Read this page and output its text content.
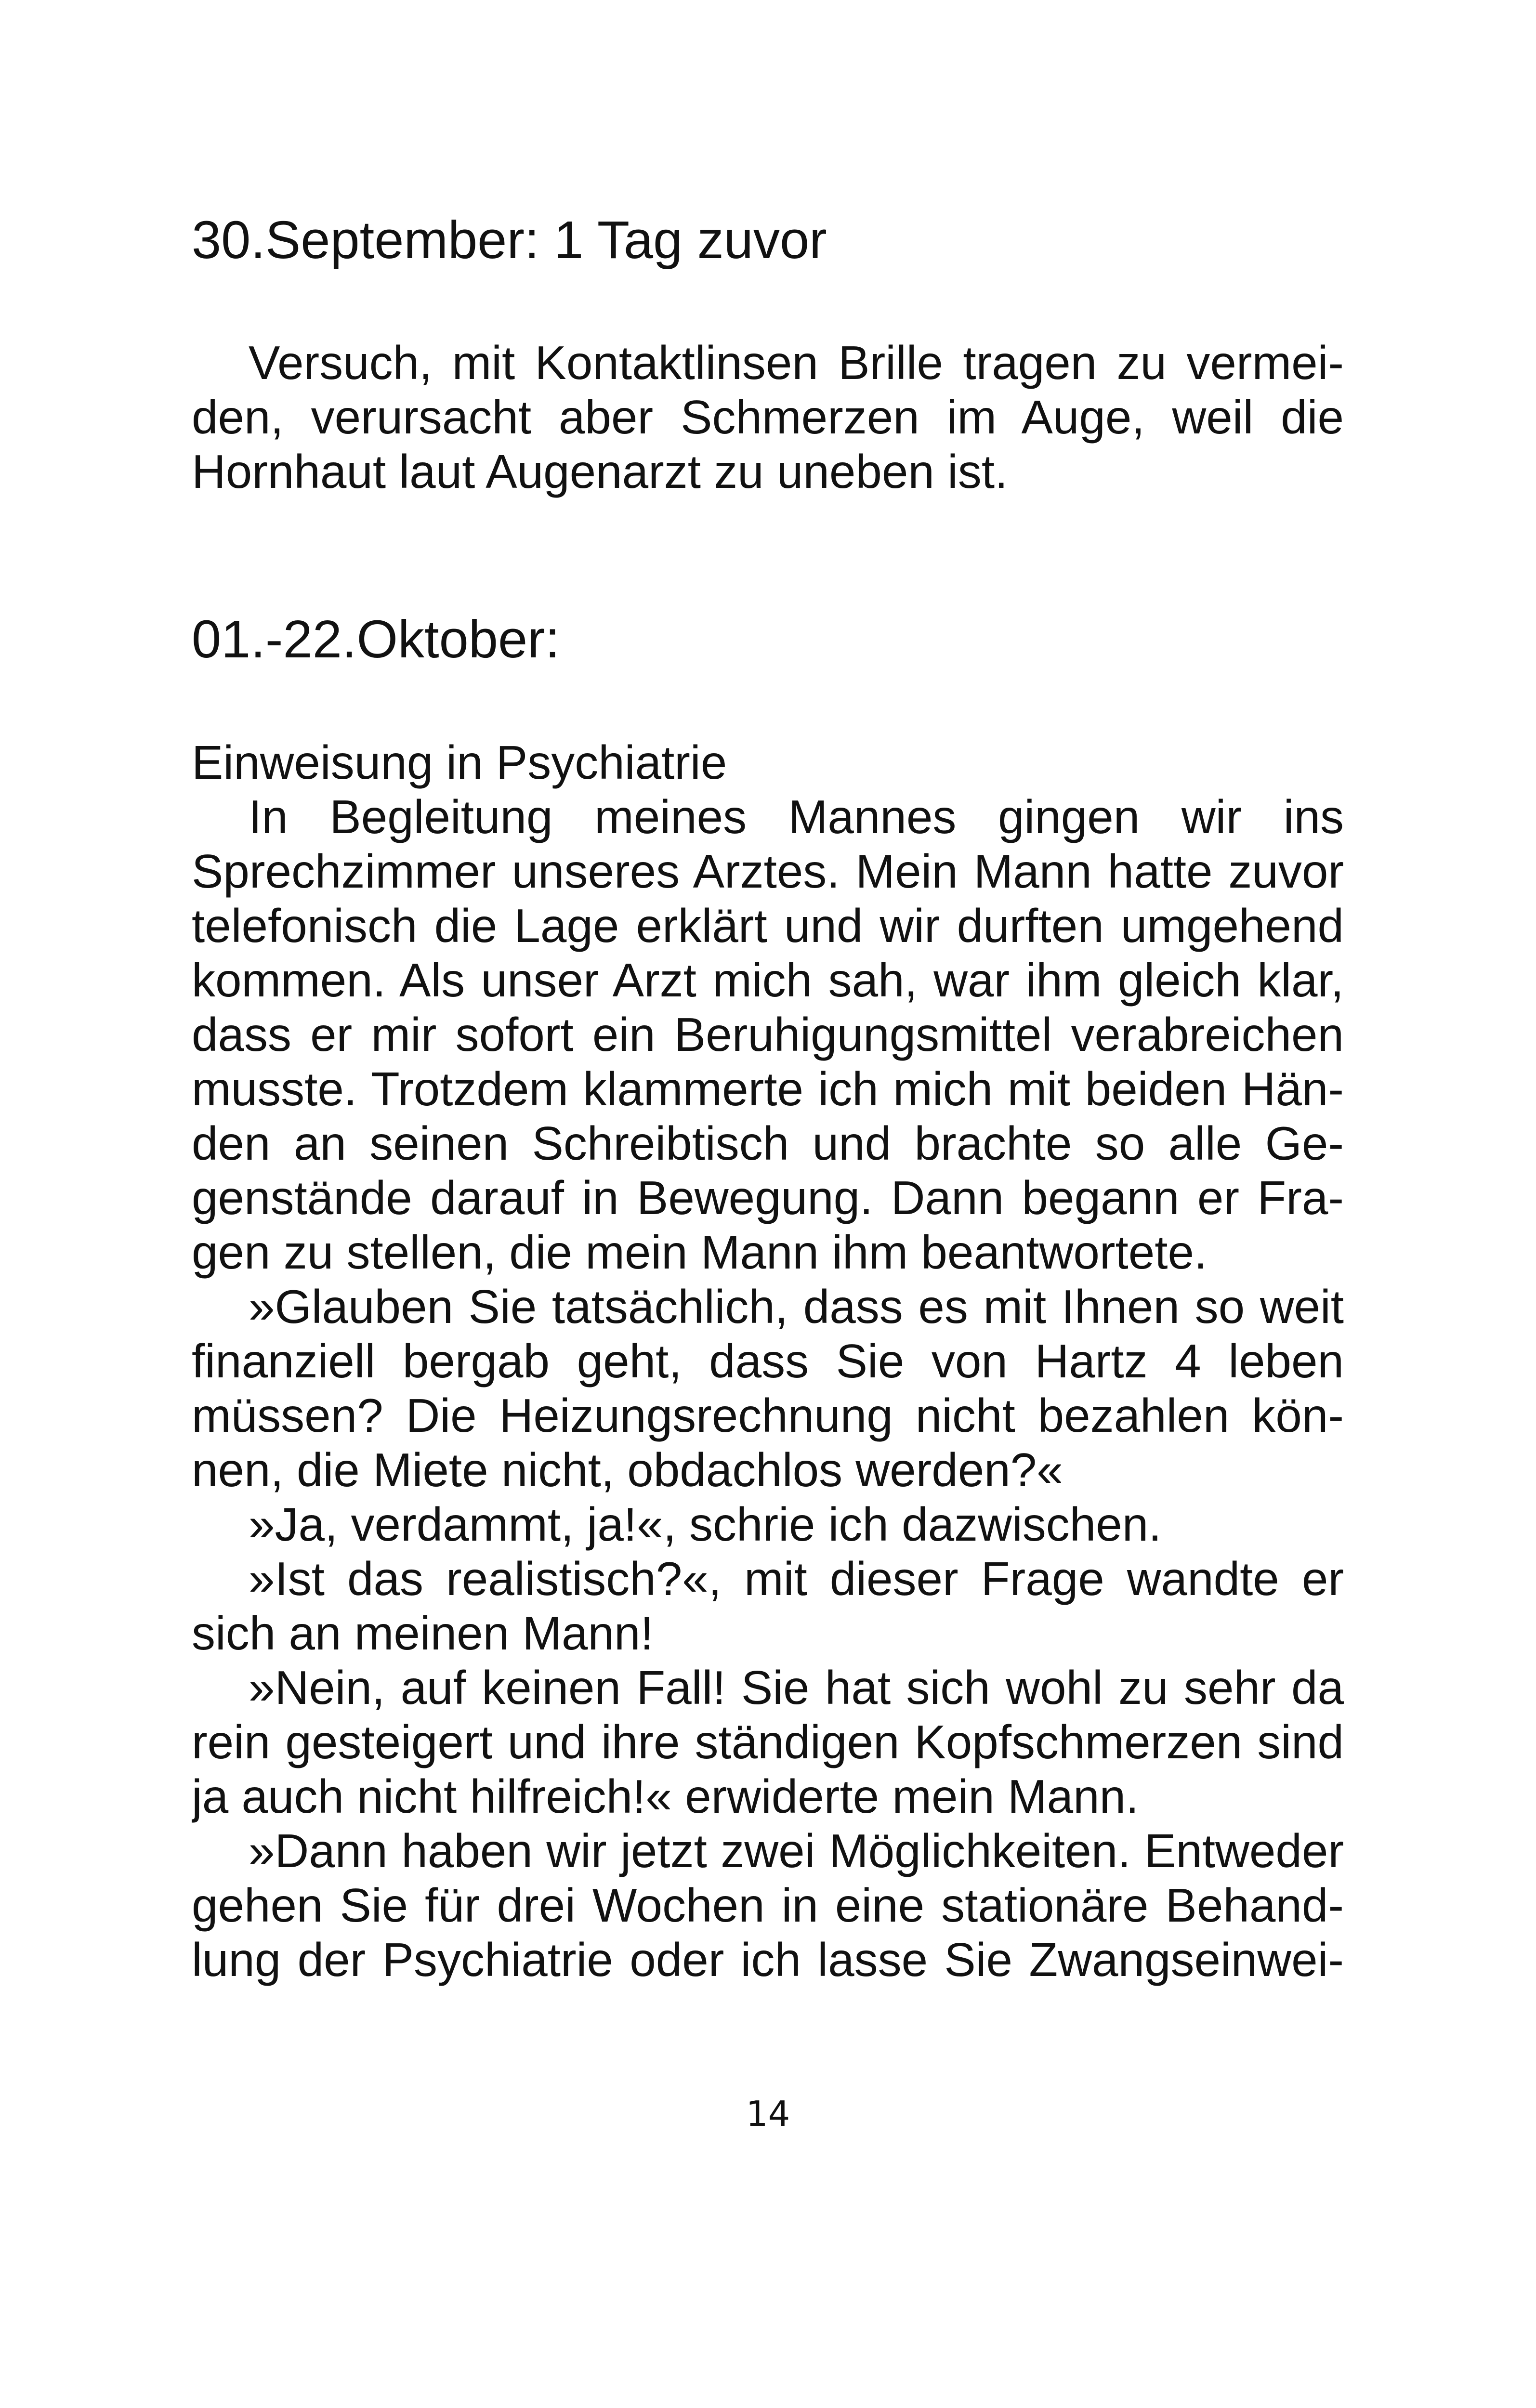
30.September: 1 Tag zuvor
Versuch, mit Kontaktlinsen Brille tragen zu vermei-
den, verursacht aber Schmerzen im Auge, weil die
Hornhaut laut Augenarzt zu uneben ist.
01.-22.Oktober:
Einweisung in Psychiatrie
In Begleitung meines Mannes gingen wir ins
Sprechzimmer unseres Arztes. Mein Mann hatte zuvor
telefonisch die Lage erklärt und wir durften umgehend
kommen. Als unser Arzt mich sah, war ihm gleich klar,
dass er mir sofort ein Beruhigungsmittel verabreichen
musste. Trotzdem klammerte ich mich mit beiden Hän-
den an seinen Schreibtisch und brachte so alle Ge-
genstände darauf in Bewegung. Dann begann er Fra-
gen zu stellen, die mein Mann ihm beantwortete.
»Glauben Sie tatsächlich, dass es mit Ihnen so weit
finanziell bergab geht, dass Sie von Hartz 4 leben
müssen? Die Heizungsrechnung nicht bezahlen kön-
nen, die Miete nicht, obdachlos werden?«
»Ja, verdammt, ja!«, schrie ich dazwischen.
»Ist das realistisch?«, mit dieser Frage wandte er
sich an meinen Mann!
»Nein, auf keinen Fall! Sie hat sich wohl zu sehr da
rein gesteigert und ihre ständigen Kopfschmerzen sind
ja auch nicht hilfreich!« erwiderte mein Mann.
»Dann haben wir jetzt zwei Möglichkeiten. Entweder
gehen Sie für drei Wochen in eine stationäre Behand-
lung der Psychiatrie oder ich lasse Sie Zwangseinwei-
14
